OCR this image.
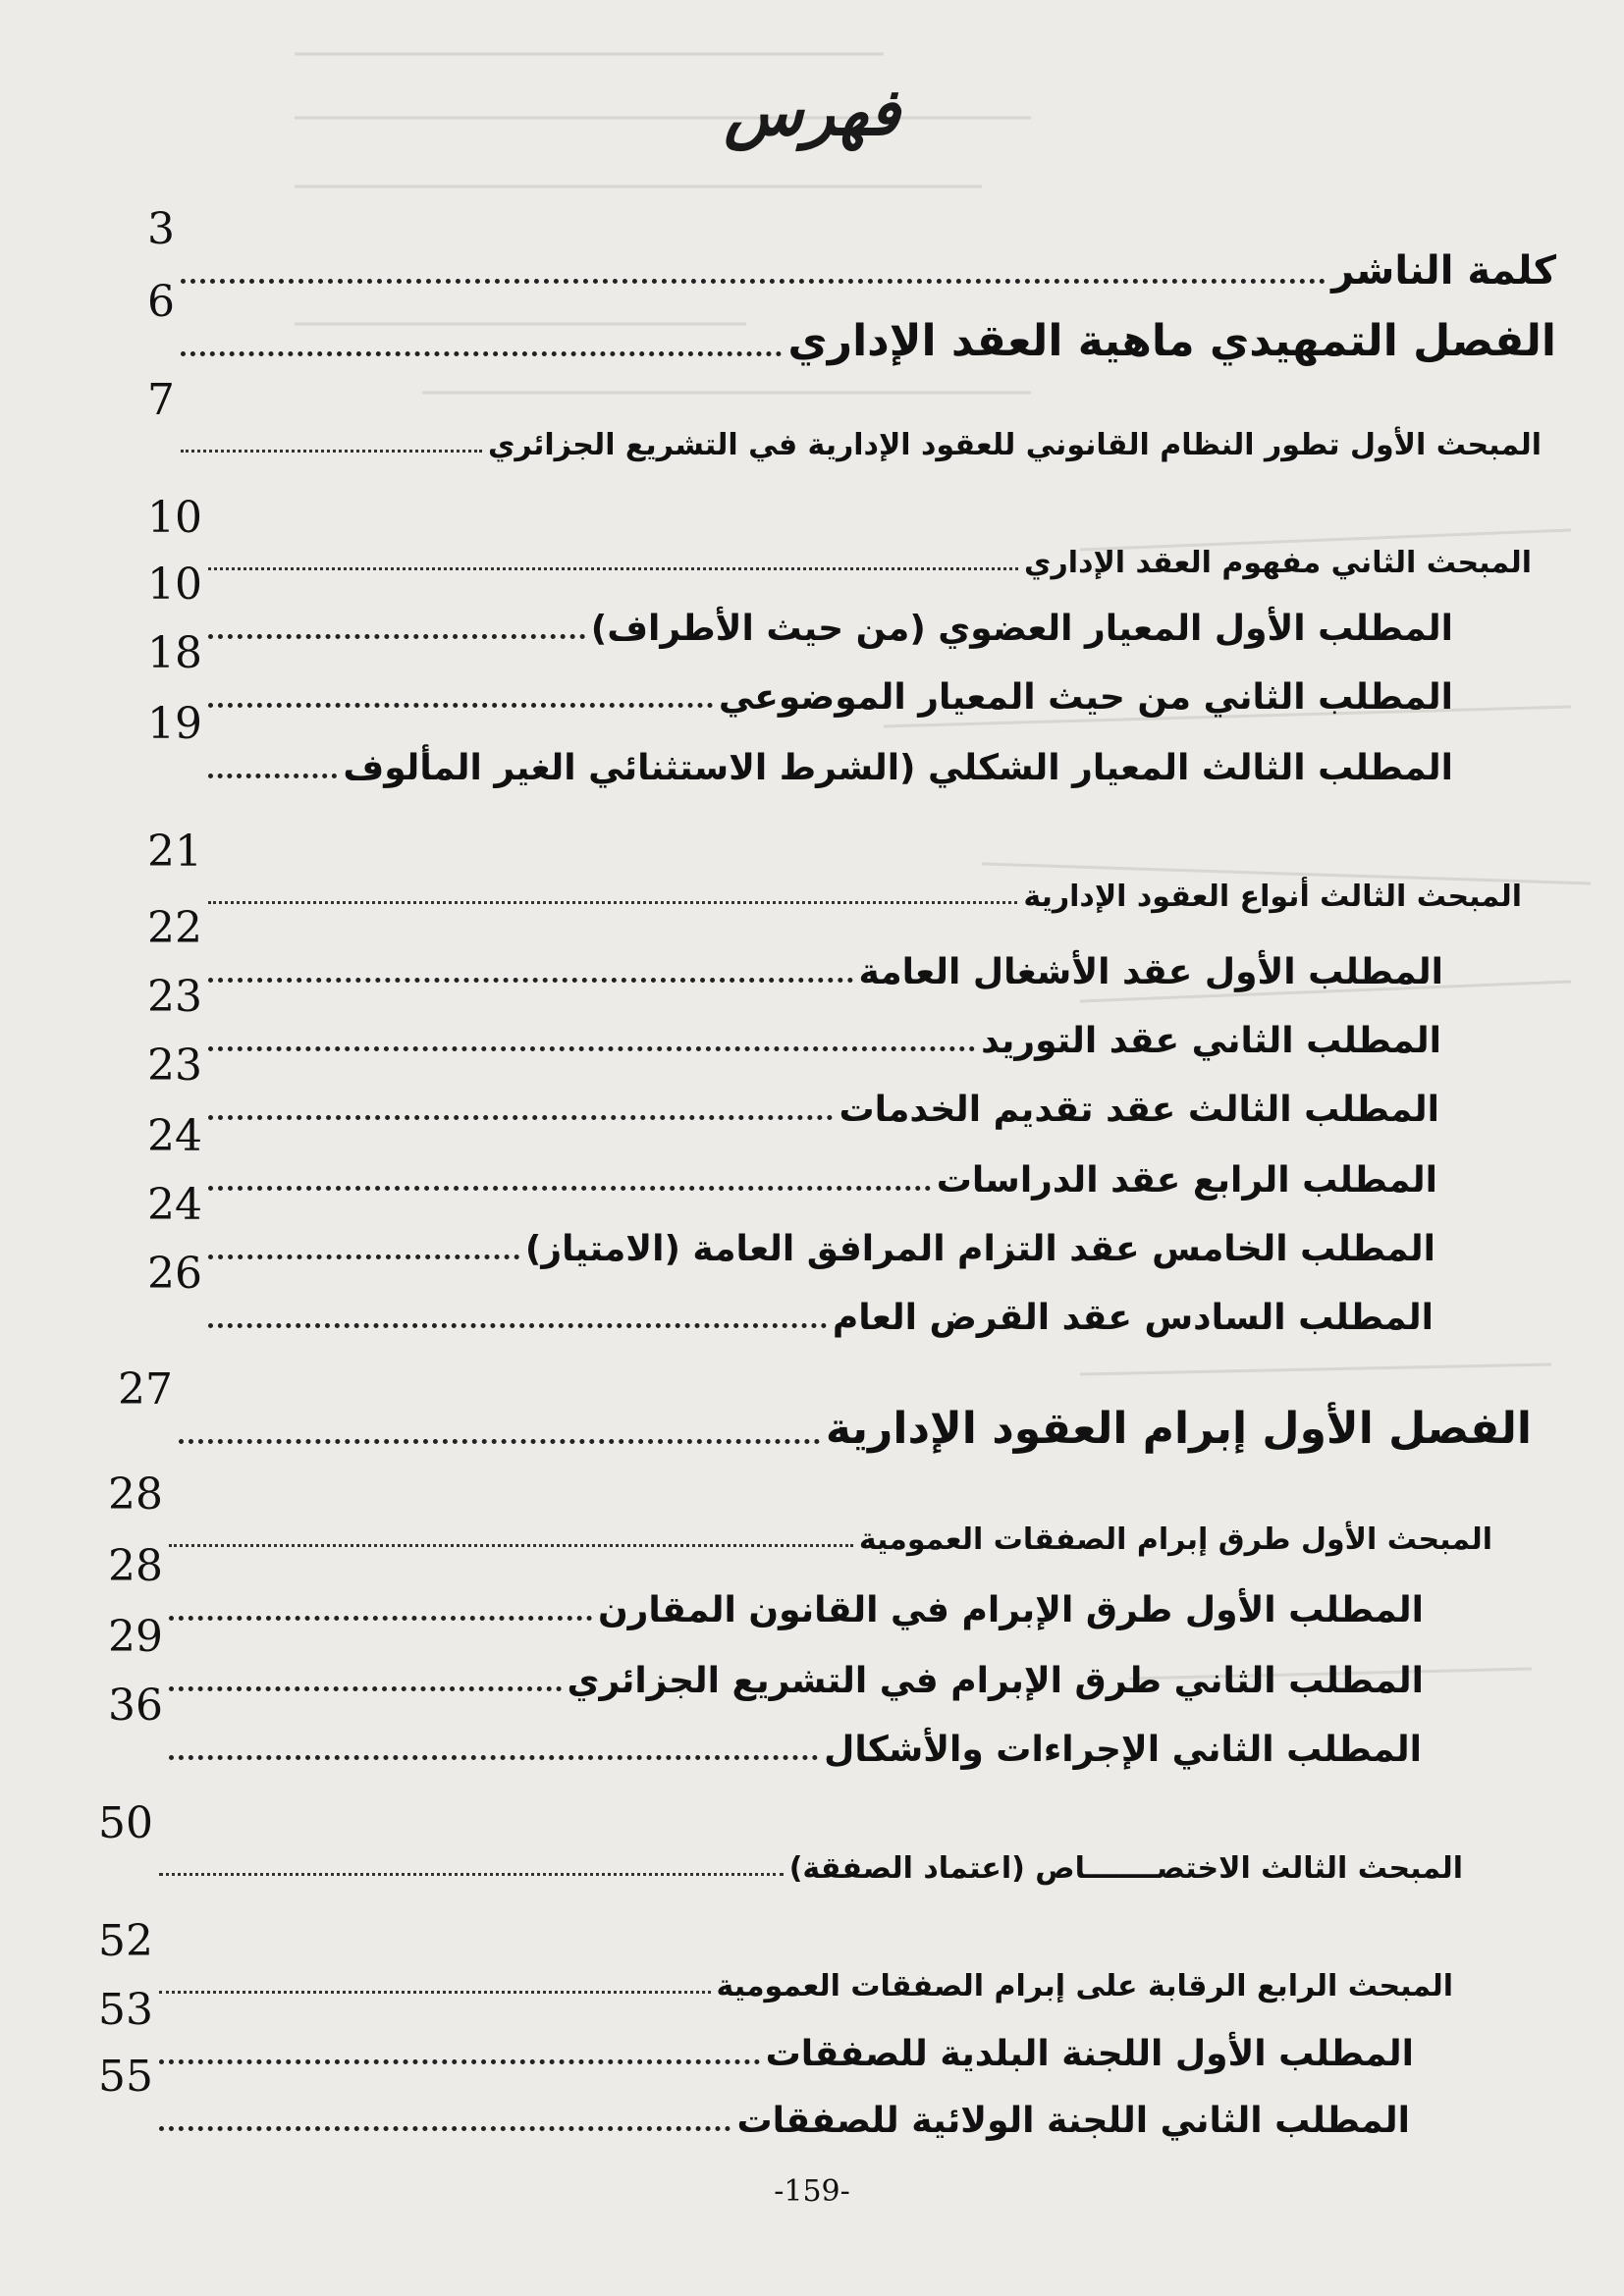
فهرس
كلمة الناشر
3
الفصل التمهيدي ماهية العقد الإداري
6
المبحث الأول تطور النظام القانوني للعقود الإدارية في التشريع الجزائري
7
المبحث الثاني مفهوم العقد الإداري
10
المطلب الأول المعيار العضوي (من حيث الأطراف)
10
المطلب الثاني من حيث المعيار الموضوعي
18
المطلب الثالث المعيار الشكلي (الشرط الاستثنائي الغير المألوف
19
المبحث الثالث أنواع العقود الإدارية
21
المطلب الأول عقد الأشغال العامة
22
المطلب الثاني عقد التوريد
23
المطلب الثالث عقد تقديم الخدمات
23
المطلب الرابع عقد الدراسات
24
المطلب الخامس عقد التزام المرافق العامة (الامتياز)
24
المطلب السادس عقد القرض العام
26
الفصل الأول إبرام العقود الإدارية
27
المبحث الأول طرق إبرام الصفقات العمومية
28
المطلب الأول طرق الإبرام في القانون المقارن
28
المطلب الثاني طرق الإبرام في التشريع الجزائري
29
المطلب الثاني الإجراءات والأشكال
36
المبحث الثالث الاختصـــــــاص (اعتماد الصفقة)
50
المبحث الرابع الرقابة على إبرام الصفقات العمومية
52
المطلب الأول اللجنة البلدية للصفقات
53
المطلب الثاني اللجنة الولائية للصفقات
55
-159-
